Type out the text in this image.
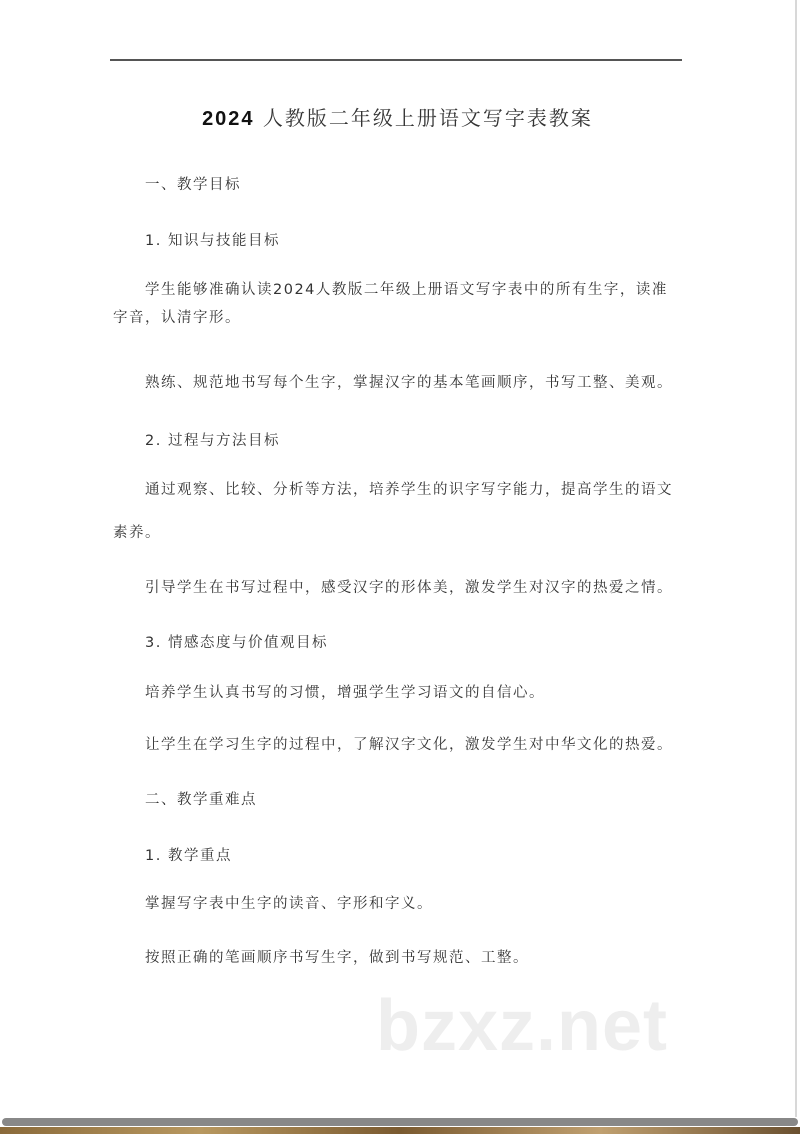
2024 人教版二年级上册语文写字表教案
一、教学目标
1. 知识与技能目标
学生能够准确认读2024人教版二年级上册语文写字表中的所有生字，读准
字音，认清字形。
熟练、规范地书写每个生字，掌握汉字的基本笔画顺序，书写工整、美观。
2. 过程与方法目标
通过观察、比较、分析等方法，培养学生的识字写字能力，提高学生的语文
素养。
引导学生在书写过程中，感受汉字的形体美，激发学生对汉字的热爱之情。
3. 情感态度与价值观目标
培养学生认真书写的习惯，增强学生学习语文的自信心。
让学生在学习生字的过程中，了解汉字文化，激发学生对中华文化的热爱。
二、教学重难点
1. 教学重点
掌握写字表中生字的读音、字形和字义。
按照正确的笔画顺序书写生字，做到书写规范、工整。
bzxz.net
